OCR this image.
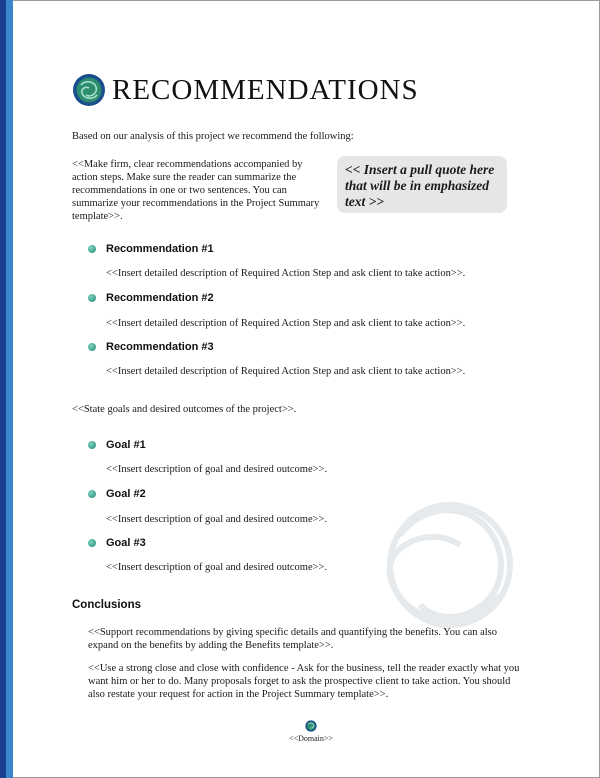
RECOMMENDATIONS

Based on our analysis of this project we recommend the following:

<<Make firm, clear recommendations accompanied by action steps. Make sure the reader can summarize the recommendations in one or two sentences. You can summarize your recommendations in the Project Summary template>>.

<< Insert a pull quote here that will be in emphasized text >>
Recommendation #1

<<Insert detailed description of Required Action Step and ask client to take action>>.

Recommendation #2

<<Insert detailed description of Required Action Step and ask client to take action>>.

Recommendation #3

<<Insert detailed description of Required Action Step and ask client to take action>>.

<<State goals and desired outcomes of the project>>.

Goal #1

<<Insert description of goal and desired outcome>>.

Goal #2

<<Insert description of goal and desired outcome>>.

Goal #3

<<Insert description of goal and desired outcome>>.

Conclusions

<<Support recommendations by giving specific details and quantifying the benefits. You can also expand on the benefits by adding the Benefits template>>.

<<Use a strong close and close with confidence - Ask for the business, tell the reader exactly what you want him or her to do. Many proposals forget to ask the prospective client to take action. You should also restate your request for action in the Project Summary template>>.

<<Domain>>
